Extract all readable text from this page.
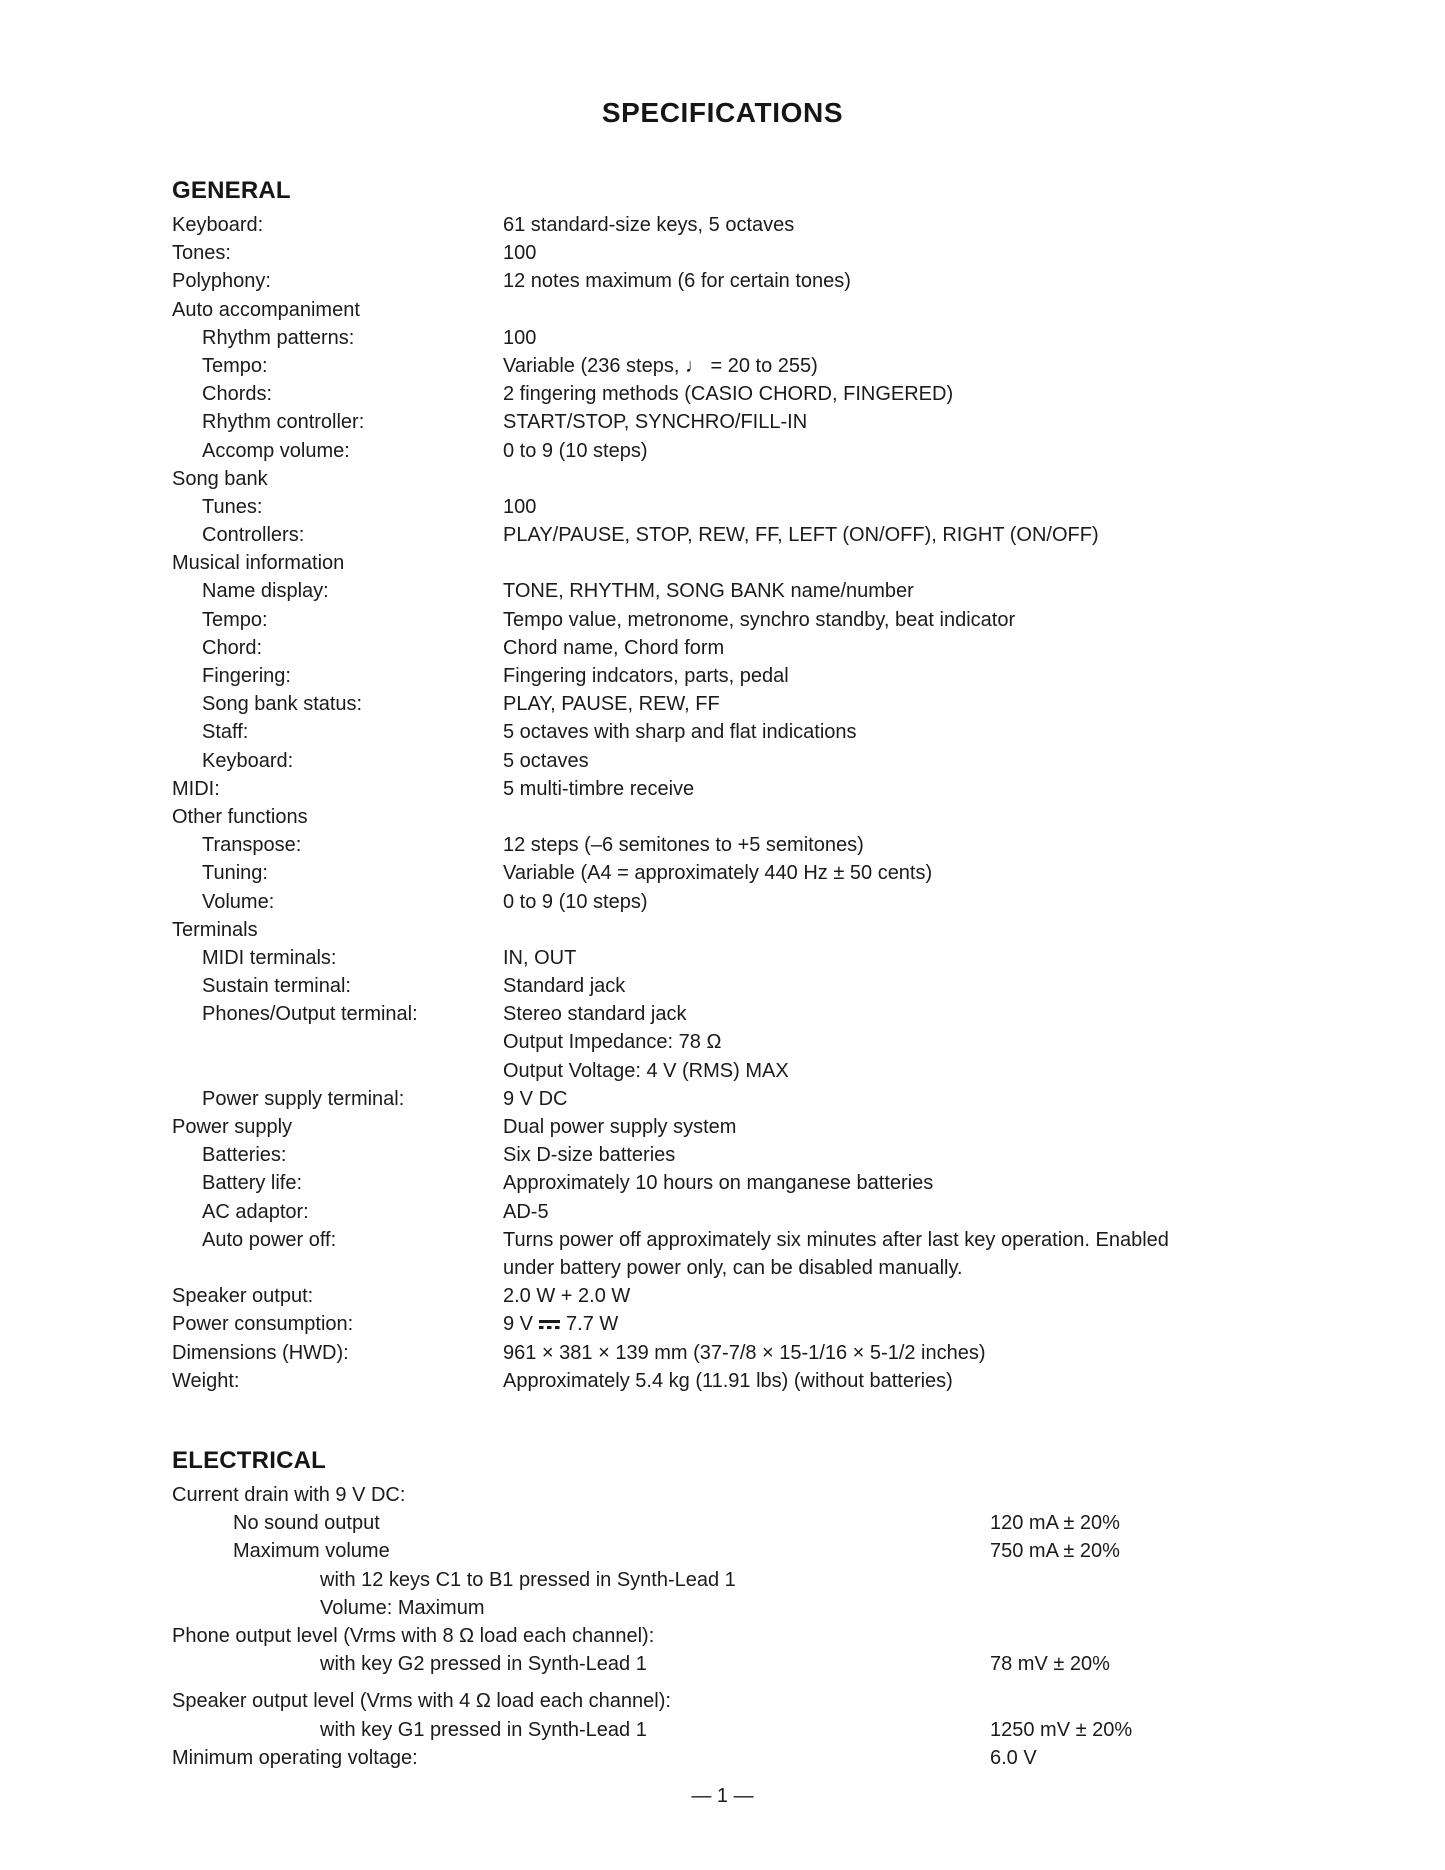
SPECIFICATIONS
GENERAL
Keyboard:	61 standard-size keys, 5 octaves
Tones:	100
Polyphony:	12 notes maximum (6 for certain tones)
Auto accompaniment
Rhythm patterns:	100
Tempo:	Variable (236 steps, ♩ = 20 to 255)
Chords:	2 fingering methods (CASIO CHORD, FINGERED)
Rhythm controller:	START/STOP, SYNCHRO/FILL-IN
Accomp volume:	0 to 9 (10 steps)
Song bank
Tunes:	100
Controllers:	PLAY/PAUSE, STOP, REW, FF, LEFT (ON/OFF), RIGHT (ON/OFF)
Musical information
Name display:	TONE, RHYTHM, SONG BANK name/number
Tempo:	Tempo value, metronome, synchro standby, beat indicator
Chord:	Chord name, Chord form
Fingering:	Fingering indcators, parts, pedal
Song bank status:	PLAY, PAUSE, REW, FF
Staff:	5 octaves with sharp and flat indications
Keyboard:	5 octaves
MIDI:	5 multi-timbre receive
Other functions
Transpose:	12 steps (–6 semitones to +5 semitones)
Tuning:	Variable (A4 = approximately 440 Hz ± 50 cents)
Volume:	0 to 9 (10 steps)
Terminals
MIDI terminals:	IN, OUT
Sustain terminal:	Standard jack
Phones/Output terminal:	Stereo standard jack
Output Impedance: 78 Ω
Output Voltage: 4 V (RMS) MAX
Power supply terminal:	9 V DC
Power supply	Dual power supply system
Batteries:	Six D-size batteries
Battery life:	Approximately 10 hours on manganese batteries
AC adaptor:	AD-5
Auto power off:	Turns power off approximately six minutes after last key operation. Enabled
under battery power only, can be disabled manually.
Speaker output:	2.0 W + 2.0 W
Power consumption:	9 V 7.7 W
Dimensions (HWD):	961 × 381 × 139 mm (37-7/8 × 15-1/16 × 5-1/2 inches)
Weight:	Approximately 5.4 kg (11.91 lbs) (without batteries)
ELECTRICAL
Current drain with 9 V DC:
No sound output	120 mA ± 20%
Maximum volume	750 mA ± 20%
with 12 keys C1 to B1 pressed in Synth-Lead 1
Volume: Maximum
Phone output level (Vrms with 8 Ω load each channel):
with key G2 pressed in Synth-Lead 1	78 mV ± 20%
Speaker output level (Vrms with 4 Ω load each channel):
with key G1 pressed in Synth-Lead 1	1250 mV ± 20%
Minimum operating voltage:	6.0 V
— 1 —
